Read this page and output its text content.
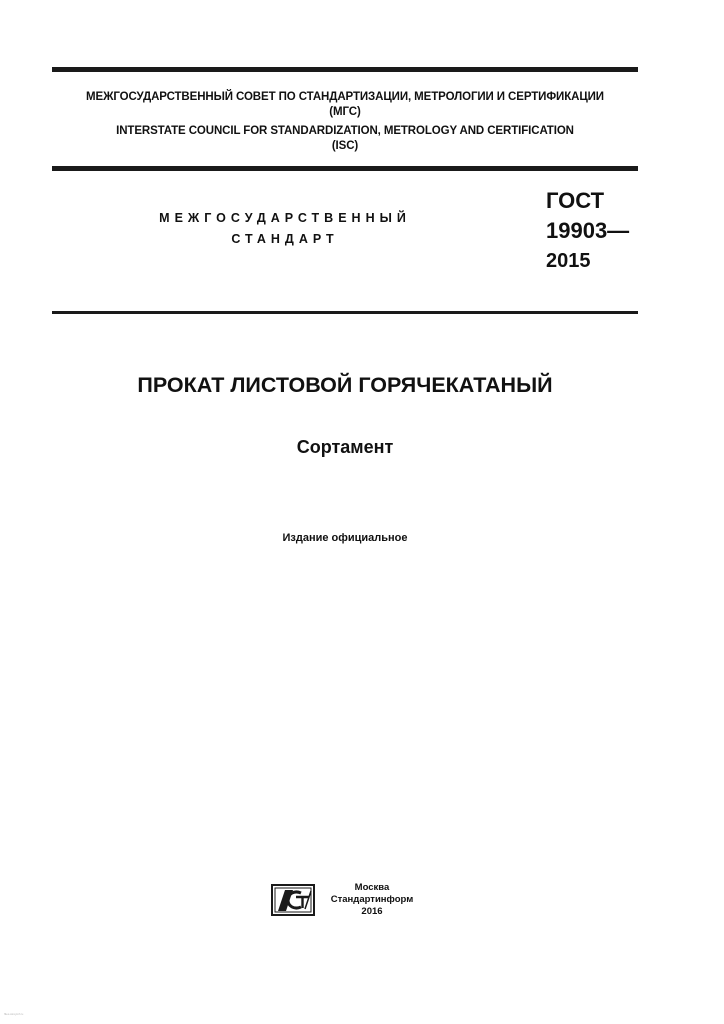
МЕЖГОСУДАРСТВЕННЫЙ СОВЕТ ПО СТАНДАРТИЗАЦИИ, МЕТРОЛОГИИ И СЕРТИФИКАЦИИ
(МГС)
INTERSTATE COUNCIL FOR STANDARDIZATION, METROLOGY AND CERTIFICATION
(ISC)
МЕЖГОСУДАРСТВЕННЫЙ
СТАНДАРТ
ГОСТ
19903—
2015
ПРОКАТ ЛИСТОВОЙ ГОРЯЧЕКАТАНЫЙ
Сортамент
Издание официальное
Москва
Стандартинформ
2016
files.stroyinf.ru
